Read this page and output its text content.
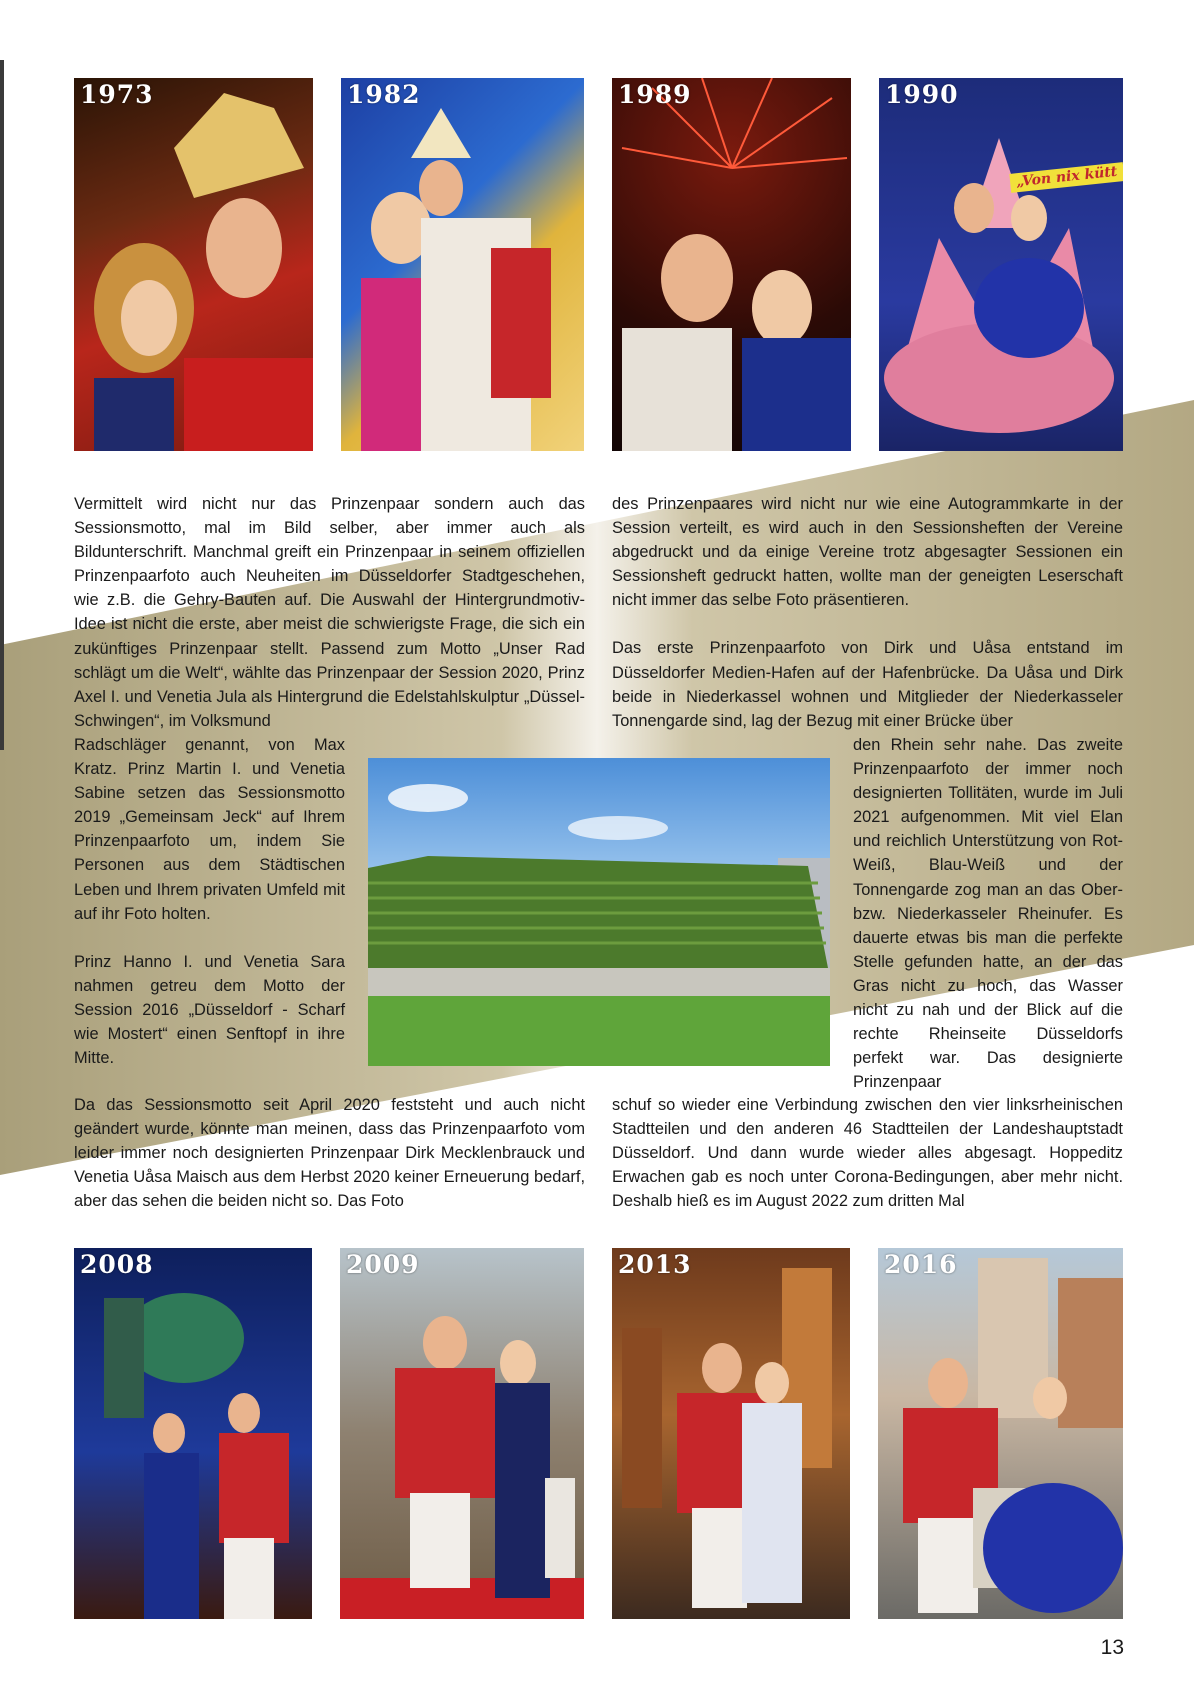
1973	1982	1989	1990
„Von nix kütt

Vermittelt wird nicht nur das Prinzenpaar sondern auch das Sessionsmotto, mal im Bild selber, aber immer auch als Bildunterschrift. Manchmal greift ein Prinzenpaar in seinem offiziellen Prinzenpaarfoto auch Neuheiten im Düsseldorfer Stadtgeschehen, wie z.B. die Gehry-Bauten auf. Die Auswahl der Hintergrundmotiv-Idee ist nicht die erste, aber meist die schwierigste Frage, die sich ein zukünftiges Prinzenpaar stellt. Passend zum Motto „Unser Rad schlägt um die Welt“, wählte das Prinzenpaar der Session 2020, Prinz Axel I. und Venetia Jula als Hintergrund die Edelstahlskulptur „Düssel-Schwingen“, im Volksmund

Radschläger genannt, von Max Kratz. Prinz Martin I. und Venetia Sabine setzen das Sessionsmotto 2019 „Gemeinsam Jeck“ auf Ihrem Prinzenpaarfoto um, indem Sie Personen aus dem Städtischen Leben und Ihrem privaten Umfeld mit auf ihr Foto holten.

Prinz Hanno I. und Venetia Sara nahmen getreu dem Motto der Session 2016 „Düsseldorf - Scharf wie Mostert“ einen Senftopf in ihre Mitte.

Da das Sessionsmotto seit April 2020 feststeht und auch nicht geändert wurde, könnte man meinen, dass das Prinzenpaarfoto vom leider immer noch designierten Prinzenpaar Dirk Mecklenbrauck und Venetia Uåsa Maisch aus dem Herbst 2020 keiner Erneuerung bedarf, aber das sehen die beiden nicht so. Das Foto

des Prinzenpaares wird nicht nur wie eine Autogrammkarte in der Session verteilt, es wird auch in den Sessionsheften der Vereine abgedruckt und da einige Vereine trotz abgesagter Sessionen ein Sessionsheft gedruckt hatten, wollte man der geneigten Leserschaft nicht immer das selbe Foto präsentieren.

Das erste Prinzenpaarfoto von Dirk und Uåsa entstand im Düsseldorfer Medien-Hafen auf der Hafenbrücke. Da Uåsa und Dirk beide in Niederkassel wohnen und Mitglieder der Niederkasseler Tonnengarde sind, lag der Bezug mit einer Brücke über

den Rhein sehr nahe. Das zweite Prinzenpaarfoto der immer noch designierten Tollitäten, wurde im Juli 2021 aufgenommen. Mit viel Elan und reichlich Unterstützung von Rot-Weiß, Blau-Weiß und der Tonnengarde zog man an das Ober- bzw. Niederkasseler Rheinufer. Es dauerte etwas bis man die perfekte Stelle gefunden hatte, an der das Gras nicht zu hoch, das Wasser nicht zu nah und der Blick auf die rechte Rheinseite Düsseldorfs perfekt war. Das designierte Prinzenpaar

schuf so wieder eine Verbindung zwischen den vier linksrheinischen Stadtteilen und den anderen 46 Stadtteilen der Landeshauptstadt Düsseldorf. Und dann wurde wieder alles abgesagt. Hoppeditz Erwachen gab es noch unter Corona-Bedingungen, aber mehr nicht. Deshalb hieß es im August 2022 zum dritten Mal

2008	2009	2013	2016
13
